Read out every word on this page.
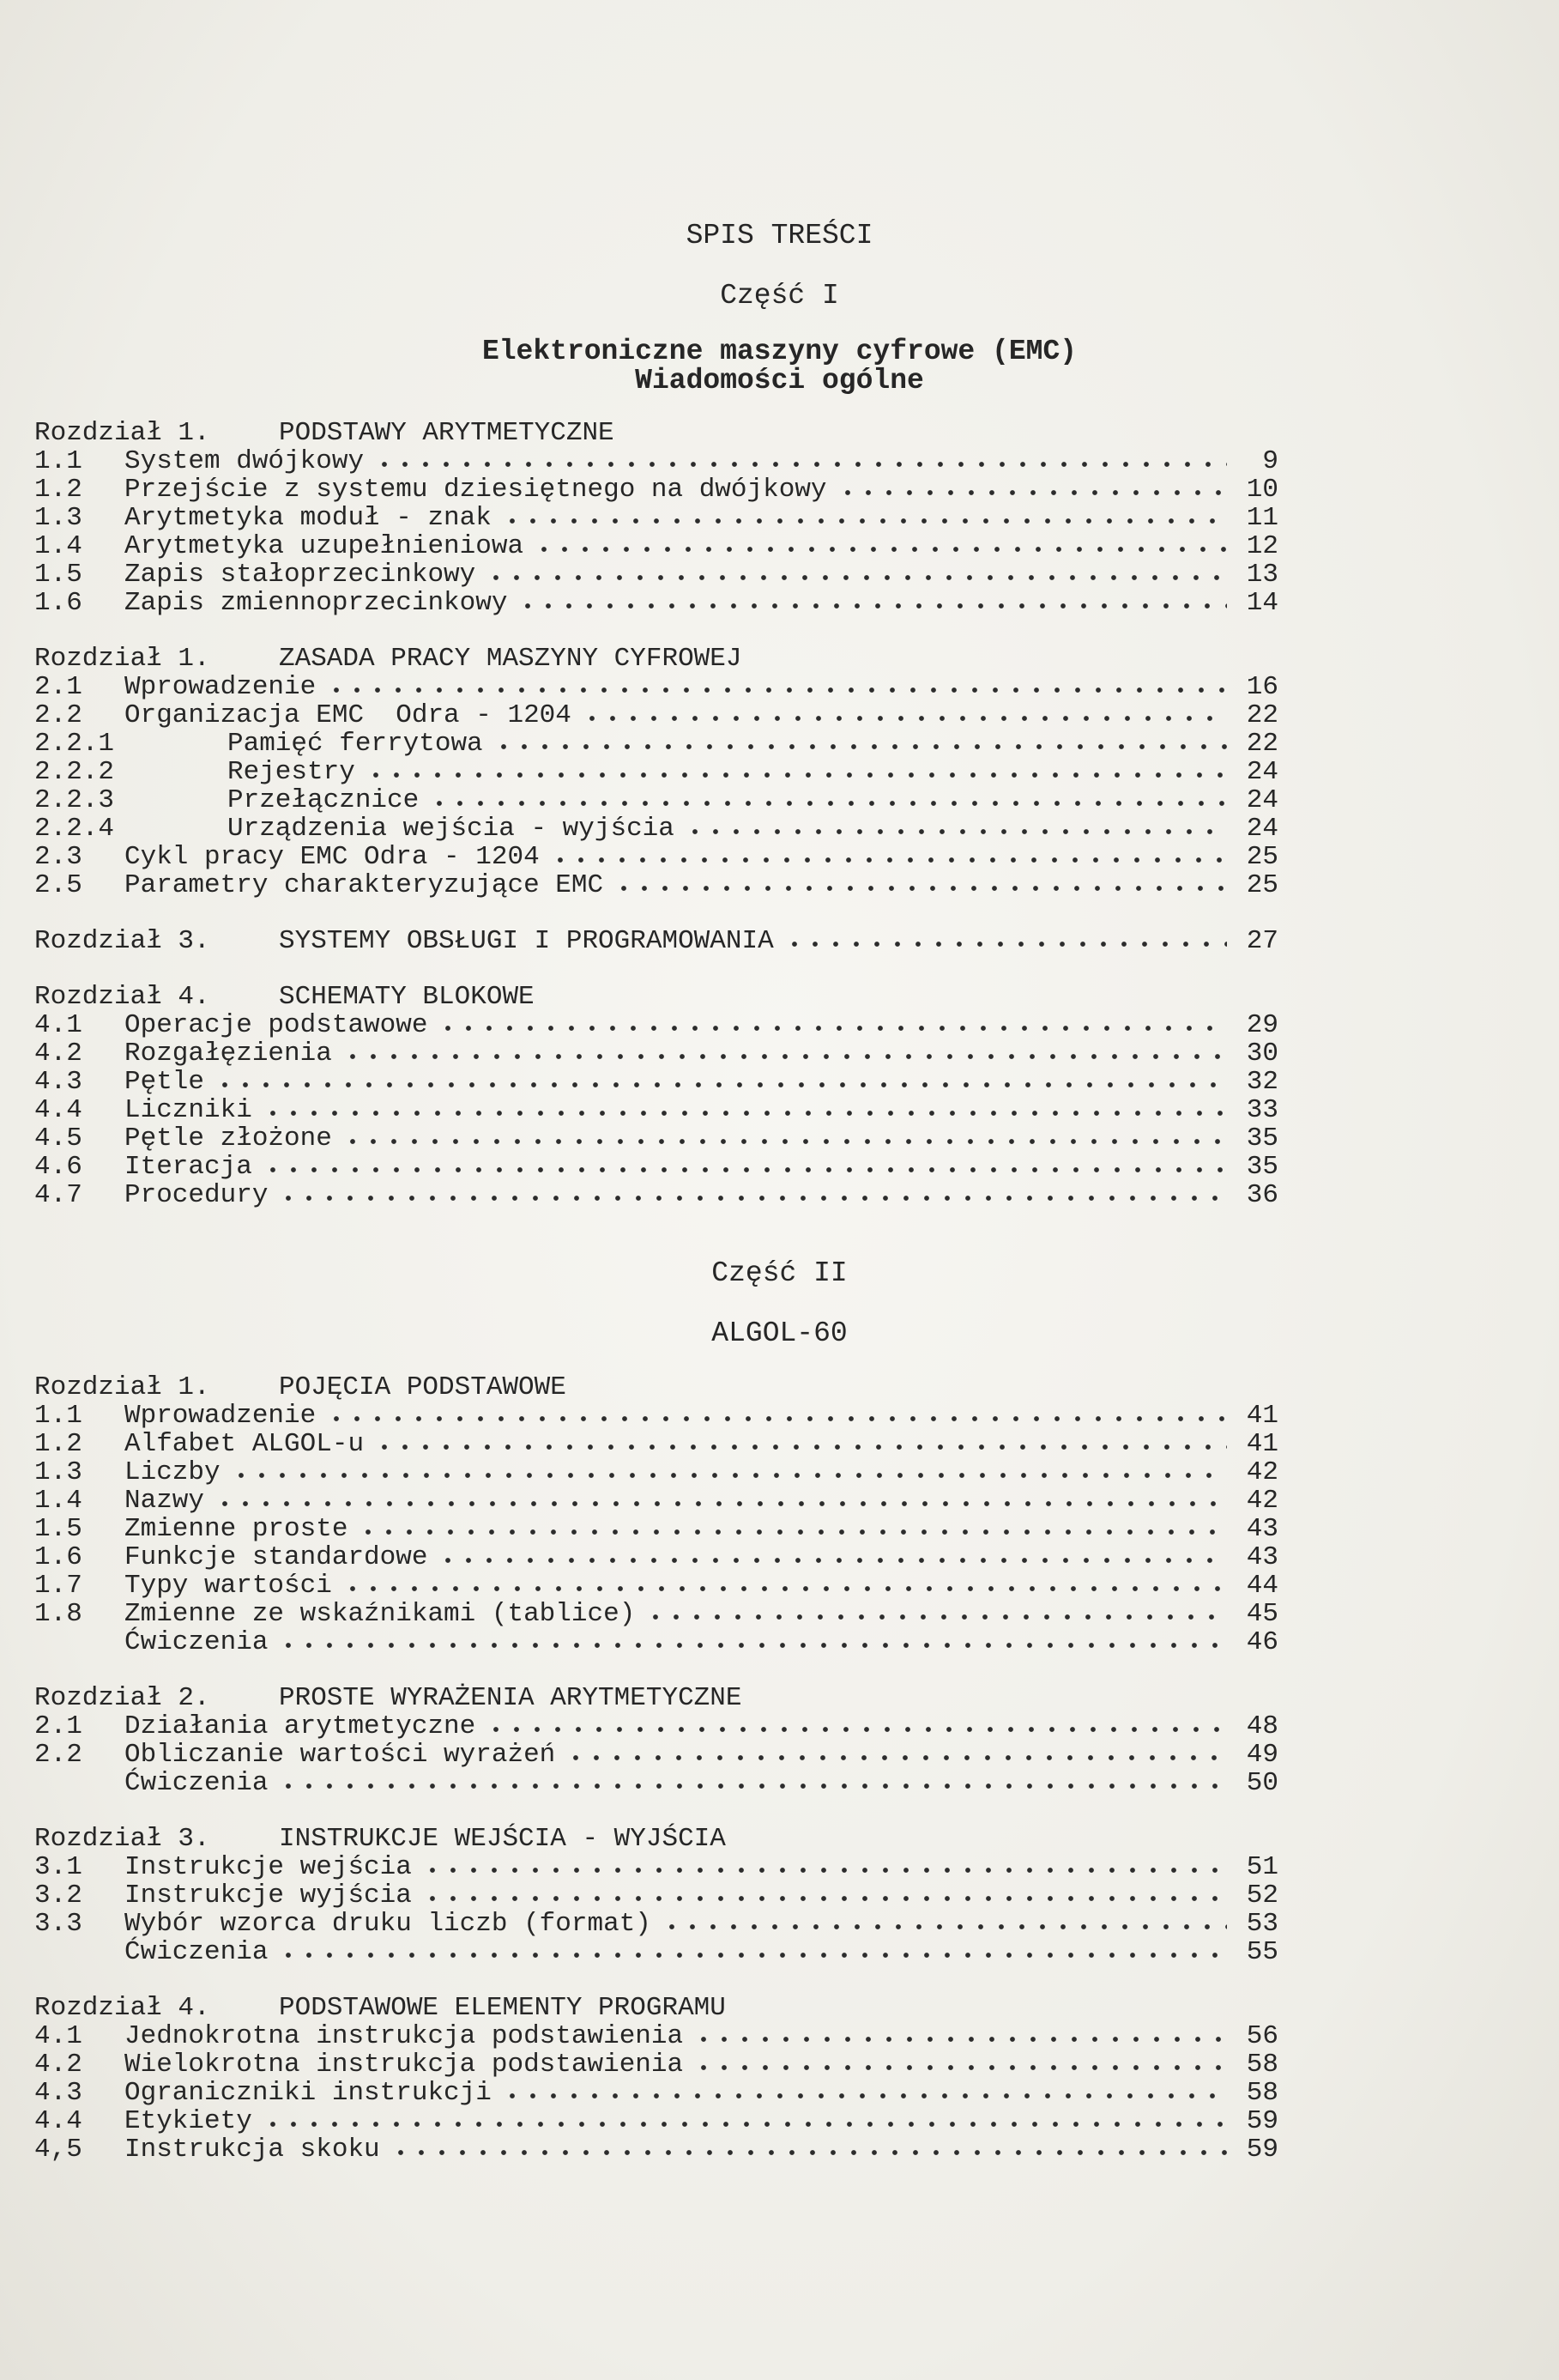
SPIS TREŚCI
Część I
Elektroniczne maszyny cyfrowe (EMC)
Wiadomości ogólne
Rozdział 1.	PODSTAWY ARYTMETYCZNE
1.1	System dwójkowy	9
1.2	Przejście z systemu dziesiętnego na dwójkowy	10
1.3	Arytmetyka moduł - znak	11
1.4	Arytmetyka uzupełnieniowa	12
1.5	Zapis stałoprzecinkowy	13
1.6	Zapis zmiennoprzecinkowy	14
Rozdział 1.	ZASADA PRACY MASZYNY CYFROWEJ
2.1	Wprowadzenie	16
2.2	Organizacja EMC  Odra - 1204	22
2.2.1	Pamięć ferrytowa	22
2.2.2	Rejestry	24
2.2.3	Przełącznice	24
2.2.4	Urządzenia wejścia - wyjścia	24
2.3	Cykl pracy EMC Odra - 1204	25
2.5	Parametry charakteryzujące EMC	25
Rozdział 3.	SYSTEMY OBSŁUGI I PROGRAMOWANIA	27
Rozdział 4.	SCHEMATY BLOKOWE
4.1	Operacje podstawowe	29
4.2	Rozgałęzienia	30
4.3	Pętle	32
4.4	Liczniki	33
4.5	Pętle złożone	35
4.6	Iteracja	35
4.7	Procedury	36
Część II
ALGOL-60
Rozdział 1.	POJĘCIA PODSTAWOWE
1.1	Wprowadzenie	41
1.2	Alfabet ALGOL-u	41
1.3	Liczby	42
1.4	Nazwy	42
1.5	Zmienne proste	43
1.6	Funkcje standardowe	43
1.7	Typy wartości	44
1.8	Zmienne ze wskaźnikami (tablice)	45
Ćwiczenia	46
Rozdział 2.	PROSTE WYRAŻENIA ARYTMETYCZNE
2.1	Działania arytmetyczne	48
2.2	Obliczanie wartości wyrażeń	49
Ćwiczenia	50
Rozdział 3.	INSTRUKCJE WEJŚCIA - WYJŚCIA
3.1	Instrukcje wejścia	51
3.2	Instrukcje wyjścia	52
3.3	Wybór wzorca druku liczb (format)	53
Ćwiczenia	55
Rozdział 4.	PODSTAWOWE ELEMENTY PROGRAMU
4.1	Jednokrotna instrukcja podstawienia	56
4.2	Wielokrotna instrukcja podstawienia	58
4.3	Ograniczniki instrukcji	58
4.4	Etykiety	59
4,5	Instrukcja skoku	59
